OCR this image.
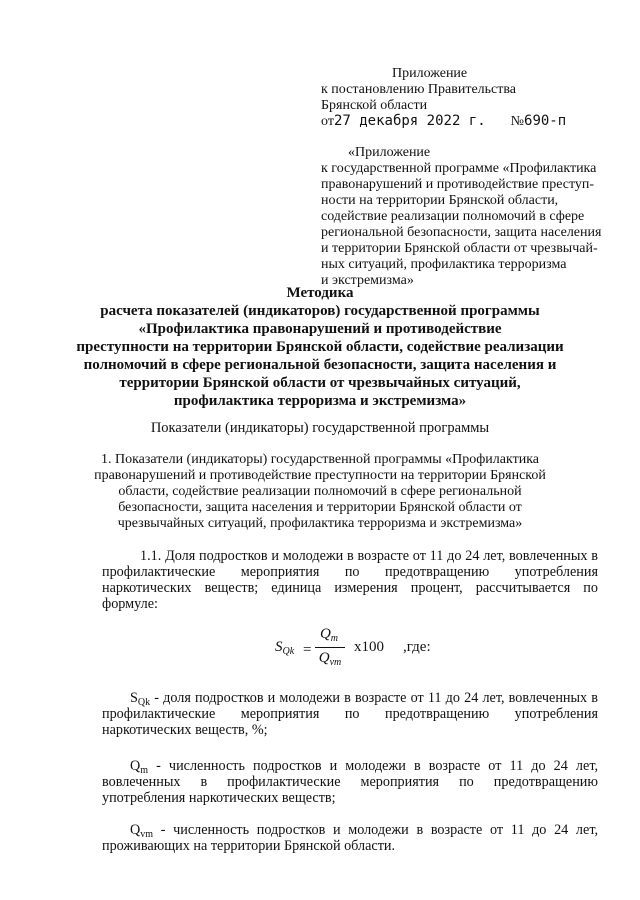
Приложение
к постановлению Правительства
Брянской области
от27 декабря 2022 г. №690-п
«Приложение
к государственной программе «Профилактика
правонарушений и противодействие преступ-
ности на территории Брянской области,
содействие реализации полномочий в сфере
региональной безопасности, защита населения
и территории Брянской области от чрезвычай-
ных ситуаций, профилактика терроризма
и экстремизма»
Методика
расчета показателей (индикаторов) государственной программы
«Профилактика правонарушений и противодействие
преступности на территории Брянской области, содействие реализации
полномочий в сфере региональной безопасности, защита населения и
территории Брянской области от чрезвычайных ситуаций,
профилактика терроризма и экстремизма»
Показатели (индикаторы) государственной программы
1. Показатели (индикаторы) государственной программы «Профилактика
правонарушений и противодействие преступности на территории Брянской
области, содействие реализации полномочий в сфере региональной
безопасности, защита населения и территории Брянской области от
чрезвычайных ситуаций, профилактика терроризма и экстремизма»
1.1. Доля подростков и молодежи в возрасте от 11 до 24 лет, вовлеченных в профилактические мероприятия по предотвращению употребления наркотических веществ; единица измерения процент, рассчитывается по формуле:
$S_{Qk}$ =
$Q_m$
$Q_{vm}$
x100 ,где:
$S_{Qk}$ - доля подростков и молодежи в возрасте от 11 до 24 лет, вовлеченных в профилактические мероприятия по предотвращению употребления наркотических веществ, %;
$Q_m$ - численность подростков и молодежи в возрасте от 11 до 24 лет, вовлеченных в профилактические мероприятия по предотвращению употребления наркотических веществ;
$Q_{vm}$ - численность подростков и молодежи в возрасте от 11 до 24 лет, проживающих на территории Брянской области.
